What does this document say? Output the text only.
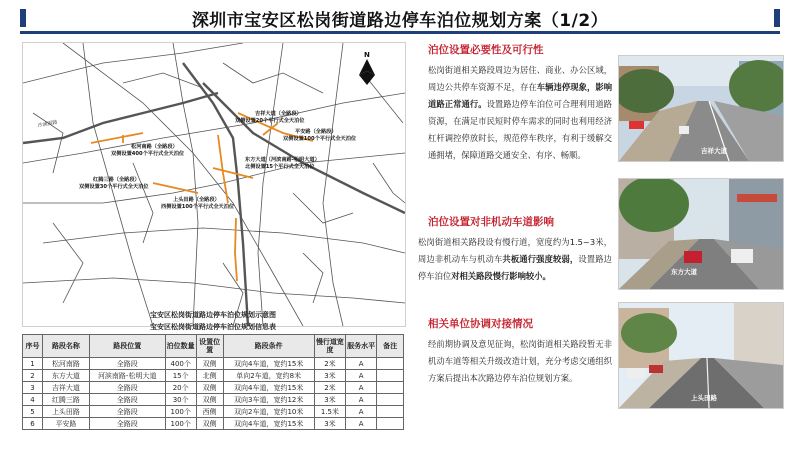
深圳市宝安区松岗街道路边停车泊位规划方案（1/2）
沙浦围路
N
吉祥大道（全路段）
双侧设置20个平行式全天泊位
平安路（全路段）
双侧设置100个平行式全天泊位
松河南路（全路段）
双侧设置400个平行式全天泊位
东方大道（河滨南路-松明大道）
北侧设置15个平行式全天泊位
红腾三路（全路段）
双侧设置30个平行式全天泊位
上头田路（全路段）
西侧设置100个平行式全天泊位
宝安区松岗街道路边停车泊位规划示意图
宝安区松岗街道路边停车泊位规划信息表
序号	路段名称	路段位置	泊位数量	设置位置	路段条件	慢行道宽度	服务水平	备注
1	松河南路	全路段	400个	双侧	双向4车道，宽约15米	2米	A	
2	东方大道	河滨南路-松明大道	15个	北侧	单向2车道，宽约8米	3米	A	
3	吉祥大道	全路段	20个	双侧	双向4车道，宽约15米	2米	A	
4	红腾三路	全路段	30个	双侧	双向3车道，宽约12米	3米	A	
5	上头田路	全路段	100个	西侧	双向2车道，宽约10米	1.5米	A	
6	平安路	全路段	100个	双侧	双向4车道，宽约15米	3米	A	
泊位设置必要性及可行性
松岗街道相关路段周边为居住、商业、办公区域，周边公共停车资源不足，存在车辆违停现象，影响道路正常通行。设置路边停车泊位可合理利用道路资源，在满足市民短时停车需求的同时也利用经济杠杆调控停放时长，规范停车秩序，有利于缓解交通拥堵，保障道路交通安全、有序、畅顺。
泊位设置对非机动车道影响
松岗街道相关路段设有慢行道，宽度约为1.5~3米，周边非机动车与机动车共板通行强度较弱，设置路边停车泊位对相关路段慢行影响较小。
相关单位协调对接情况
经前期协调及意见征询，松岗街道相关路段暂无非机动车道等相关升级改造计划，充分考虑交通组织方案后提出本次路边停车泊位规划方案。
吉祥大道
东方大道
上头田路
